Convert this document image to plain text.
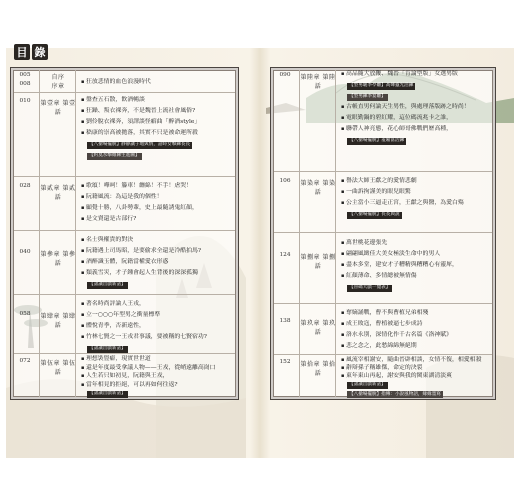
目 錄
005	自序
008	序章
▪ 狂放悲情的血色浪漫時代
010	第壹章 第壹話
▪ 盤查五石散，飲酒暢談
▪ 狂躁、叛衣裸奔，不是魏晉上流社會風俗?
▪ 劉伶脫衣裸奔，須譯談怪癖曲「醉酒style」
▪ 嵇康的崇高被拋落，其實不只是被命運所殺
【八搶場擺脫】靜靜讓子地與情，話時女擊鍊長長
【約莫水擊維陳生進圖】
028	第貳章 第貳話
▪ 歌頌！嘩呵！籐車！纏綿！不手！虐哭！
▪ 阮籍風流：為這是我的個性！
▪ 顧覺十勝，八卦勢輩，史上最隨誘鬼紅顏，
▪ 是文賣還是古部行?
040	第參章 第參話
▪ 名士與權貴的對決
▪ 阮籍遇上司馬昭，是要偷求全還是冷酷拍馬?
▪ 酒醉識玉體，阮籍當權愛衣形惑
▪ 類義雪災，才子鍾會起人生背後的深深孤獨
【諸讓出戲新話】
058	第肆章 第肆話
▪ 著名時尚評論人王戎，
▪ 立一○○○年型男之衝量標準
▪ 體悅青季，否新遠性，
▪ 竹林七賢之一王戎君事議，要被稱的七賢宿功?
【諸讓出戲新話】
072	第伍章 第伍話
▪ 理想裝豎癖，現實世世道
▪ 還是年度最受拿議人物——王戎，從峭遠離高崗口
▪ 人生若只如初見，阮籍與王戎，
▪ 當年相見的拒絕，可以再如何往返?
【諸讓出戲新話】
090	第陸章 第陸話
▪ 高品隨大放鞭、魏晉「肯論型版」女選男版
【型男暖李亭離】高聲靈光活鍊
【型男鍊李宴離】
▪ 古帳直男何論天生男性，與處理落版跡之時尚！
▪ 電眼勤鍋的碧紅耀，這位碼流兆卡之誰，
▪ 聯帶人神亮態，花心師哥佛戰們歷高種，
【八搶場擺脫】羞廂富活鍊
106	第染章 第染話
▪ 譽法大師王獻之的愛情悲劇
▪ 一曲訴拘謹美的眼兒眼驚
▪ 公主當小三逼走正宮，王獻之與醫，為愛白殤
【八搶場擺脫】長長與說
124	第捌章 第捌話
▪ 萬世桃花邊張先
▪ 翩翩風緻佳大美女極淡生命中的男人
▪ 盡本多堂，建安才子糟精與糟糟心有靈犀，
▪ 紅顏薄命、多情總被無情傷
【晉碼大戲一覽表】
138	第玖章 第玖話
▪ 奪嫡誦戰，曹不與曹植兄弟相殘
▪ 成王敗寇，曹植被逼七步成詩
▪ 洛水永別，深情化作千古名篇《洛神賦》
▪ 悲之念之，此愁綿綿無絕期
152	第拾章 第拾話
▪ 風流宰相謝安，隨曲晉辟相談，女情不復，相愛相殺
▪ 辭辯孫子稱雄傑，命定的決裂
▪ 東年東山再起，謝安與我的閩東湖清淡爽
【諸讓出戲新話】
【八搶場擺脫】指傳：小說風物語，緣緣墨寫
